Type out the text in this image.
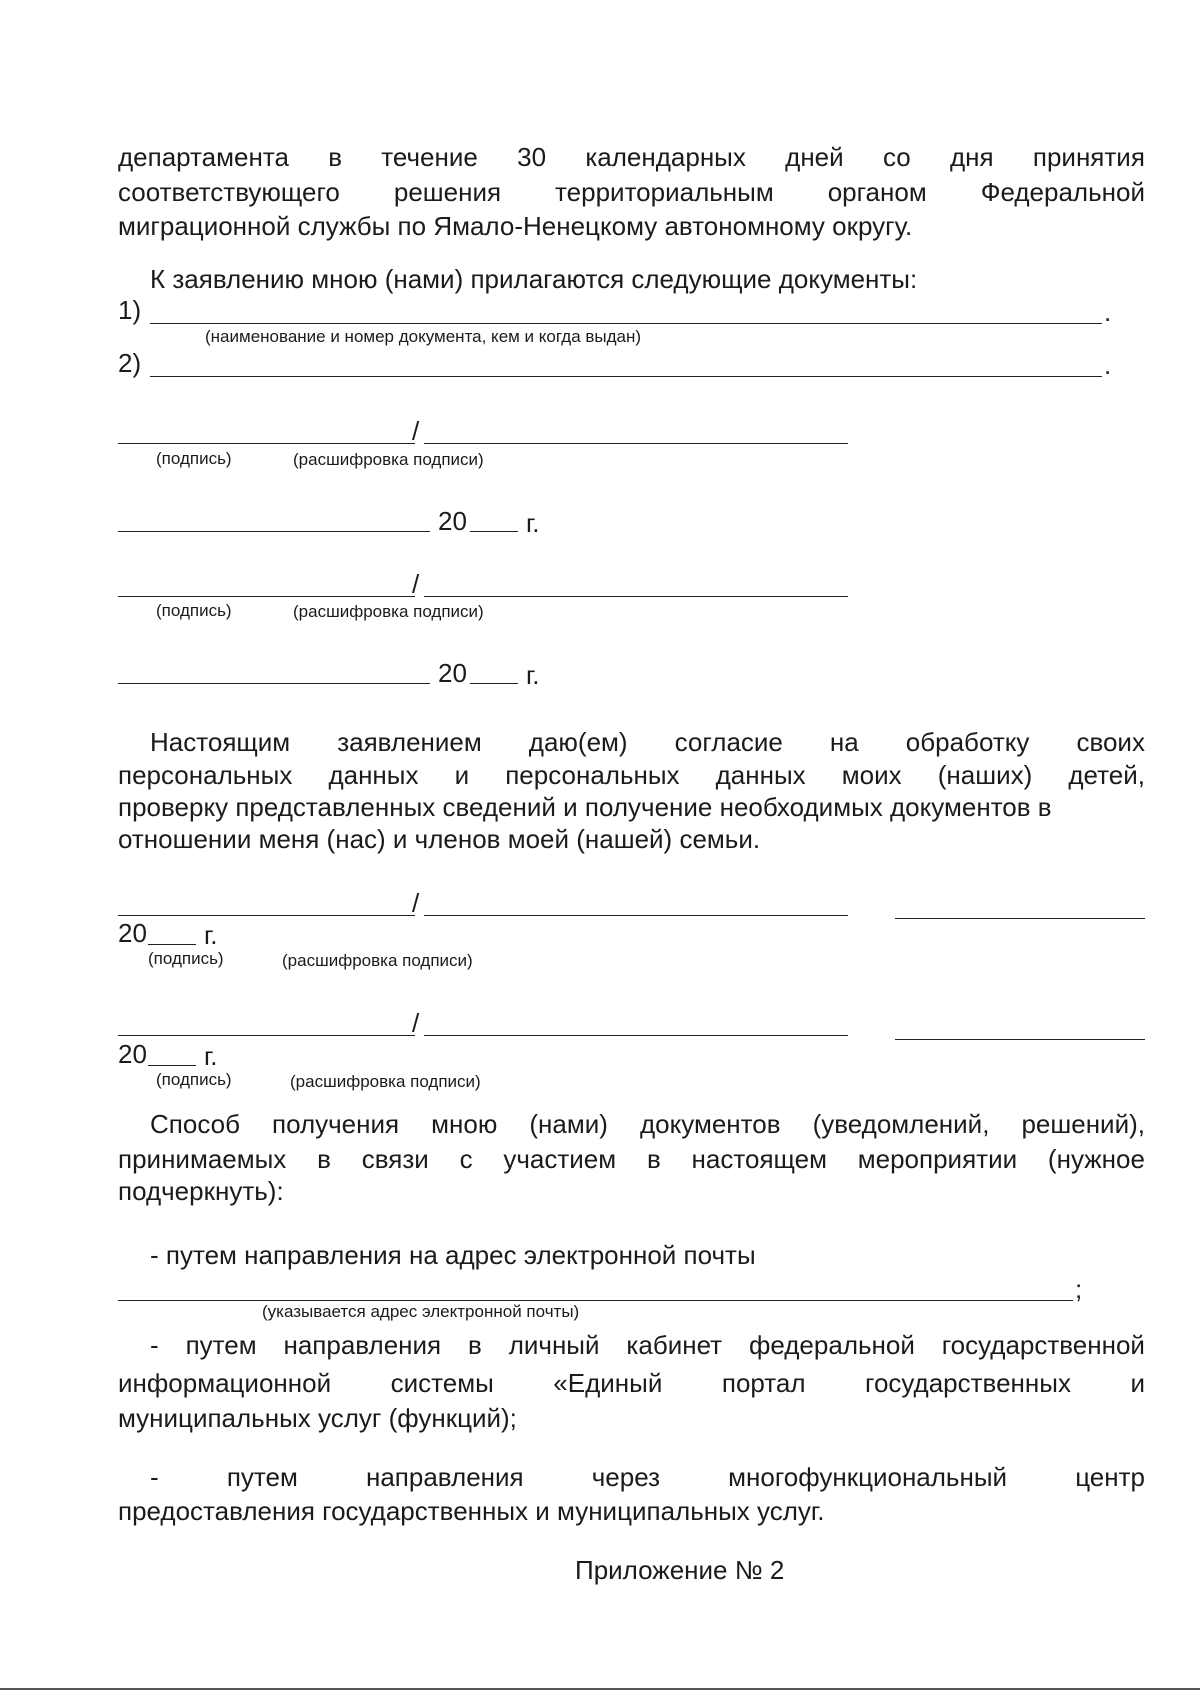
департамента в течение 30 календарных дней со дня принятия
соответствующего решения территориальным органом Федеральной
миграционной службы по Ямало-Ненецкому автономному округу.
К заявлению мною (нами) прилагаются следующие документы:
1)	.
(наименование и номер документа, кем и когда выдан)
2)	.
/
(подпись)	(расшифровка подписи)
20 г.
/
(подпись)	(расшифровка подписи)
20 г.
Настоящим заявлением даю(ем) согласие на обработку своих
персональных данных и персональных данных моих (наших) детей,
проверку представленных сведений и получение необходимых документов в
отношении меня (нас) и членов моей (нашей) семьи.
/
20 г.
(подпись)	(расшифровка подписи)
/
20 г.
(подпись)	(расшифровка подписи)
Способ получения мною (нами) документов (уведомлений, решений),
принимаемых в связи с участием в настоящем мероприятии (нужное
подчеркнуть):
- путем направления на адрес электронной почты
;
(указывается адрес электронной почты)
- путем направления в личный кабинет федеральной государственной
информационной системы «Единый портал государственных и
муниципальных услуг (функций);
-	путем	направления	через	многофункциональный	центр
предоставления государственных и муниципальных услуг.
Приложение № 2
